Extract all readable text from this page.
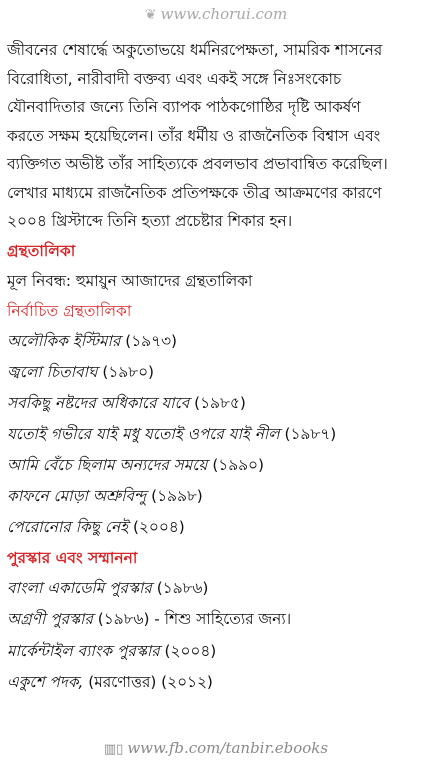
❦ www.chorui.com

জীবনের শেষার্দ্ধে অকুতোভয়ে ধর্মনিরপেক্ষতা, সামরিক শাসনের
বিরোধিতা, নারীবাদী বক্তব্য এবং একই সঙ্গে নিঃসংকোচ
যৌনবাদিতার জন্যে তিনি ব্যাপক পাঠকগোষ্ঠির দৃষ্টি আকর্ষণ
করতে সক্ষম হয়েছিলেন। তাঁর ধর্মীয় ও রাজনৈতিক বিশ্বাস এবং
ব্যক্তিগত অভীষ্ট তাঁর সাহিত্যকে প্রবলভাব প্রভাবান্বিত করেছিল।
লেখার মাধ্যমে রাজনৈতিক প্রতিপক্ষকে তীব্র আক্রমণের কারণে
২০০৪ খ্রিস্টাব্দে তিনি হত্যা প্রচেষ্টার শিকার হন।

গ্রন্থতালিকা
মূল নিবন্ধ: হুমায়ুন আজাদের গ্রন্থতালিকা
নির্বাচিত গ্রন্থতালিকা
অলৌকিক ইস্টিমার (১৯৭৩)
জ্বলো চিতাবাঘ (১৯৮০)
সবকিছু নষ্টদের অধিকারে যাবে (১৯৮৫)
যতোই গভীরে যাই মধু যতোই ওপরে যাই নীল (১৯৮৭)
আমি বেঁচে ছিলাম অন্যদের সময়ে (১৯৯০)
কাফনে মোড়া অশ্রুবিন্দু (১৯৯৮)
পেরোনোর কিছু নেই (২০০৪)
পুরস্কার এবং সম্মাননা
বাংলা একাডেমি পুরস্কার (১৯৮৬)
অগ্রণী পুরস্কার (১৯৮৬) - শিশু সাহিত্যের জন্য।
মার্কেন্টাইল ব্যাংক পুরস্কার (২০০৪)
একুশে পদক, (মরণোত্তর) (২০১২)
▥▯ www.fb.com/tanbir.ebooks
